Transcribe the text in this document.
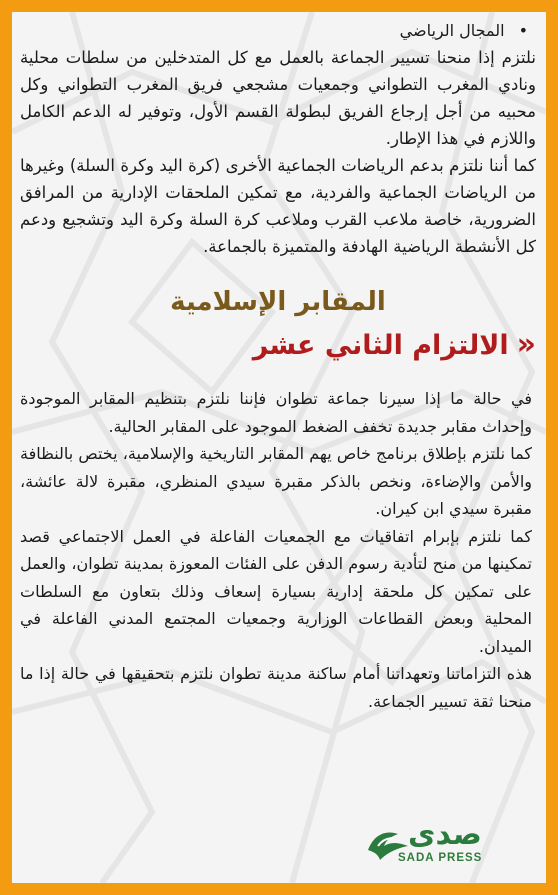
•المجال الرياضي

نلتزم إذا منحنا تسيير الجماعة بالعمل مع كل المتدخلين من سلطات محلية ونادي المغرب التطواني وجمعيات مشجعي فريق المغرب التطواني وكل محبيه من أجل إرجاع الفريق لبطولة القسم الأول، وتوفير له الدعم الكامل واللازم في هذا الإطار.

كما أننا نلتزم بدعم الرياضات الجماعية الأخرى (كرة اليد وكرة السلة) وغيرها من الرياضات الجماعية والفردية، مع تمكين الملحقات الإدارية من المرافق الضرورية، خاصة ملاعب القرب وملاعب كرة السلة وكرة اليد وتشجيع ودعم كل الأنشطة الرياضية الهادفة والمتميزة بالجماعة.

المقابر الإسلامية
«الالتزام الثاني عشر

في حالة ما إذا سيرنا جماعة تطوان فإننا نلتزم بتنظيم المقابر الموجودة وإحداث مقابر جديدة تخفف الضغط الموجود على المقابر الحالية.

كما نلتزم بإطلاق برنامج خاص يهم المقابر التاريخية والإسلامية، يختص بالنظافة والأمن والإضاءة، ونخص بالذكر مقبرة سيدي المنظري، مقبرة لالة عائشة، مقبرة سيدي ابن كيران.

كما نلتزم بإبرام اتفاقيات مع الجمعيات الفاعلة في العمل الاجتماعي قصد تمكينها من منح لتأدية رسوم الدفن على الفئات المعوزة بمدينة تطوان، والعمل على تمكين كل ملحقة إدارية بسيارة إسعاف وذلك بتعاون مع السلطات المحلية وبعض القطاعات الوزارية وجمعيات المجتمع المدني الفاعلة في الميدان.

هذه التزاماتنا وتعهداتنا أمام ساكنة مدينة تطوان نلتزم بتحقيقها في حالة إذا ما منحنا ثقة تسيير الجماعة.

صدى
SADA PRESS
